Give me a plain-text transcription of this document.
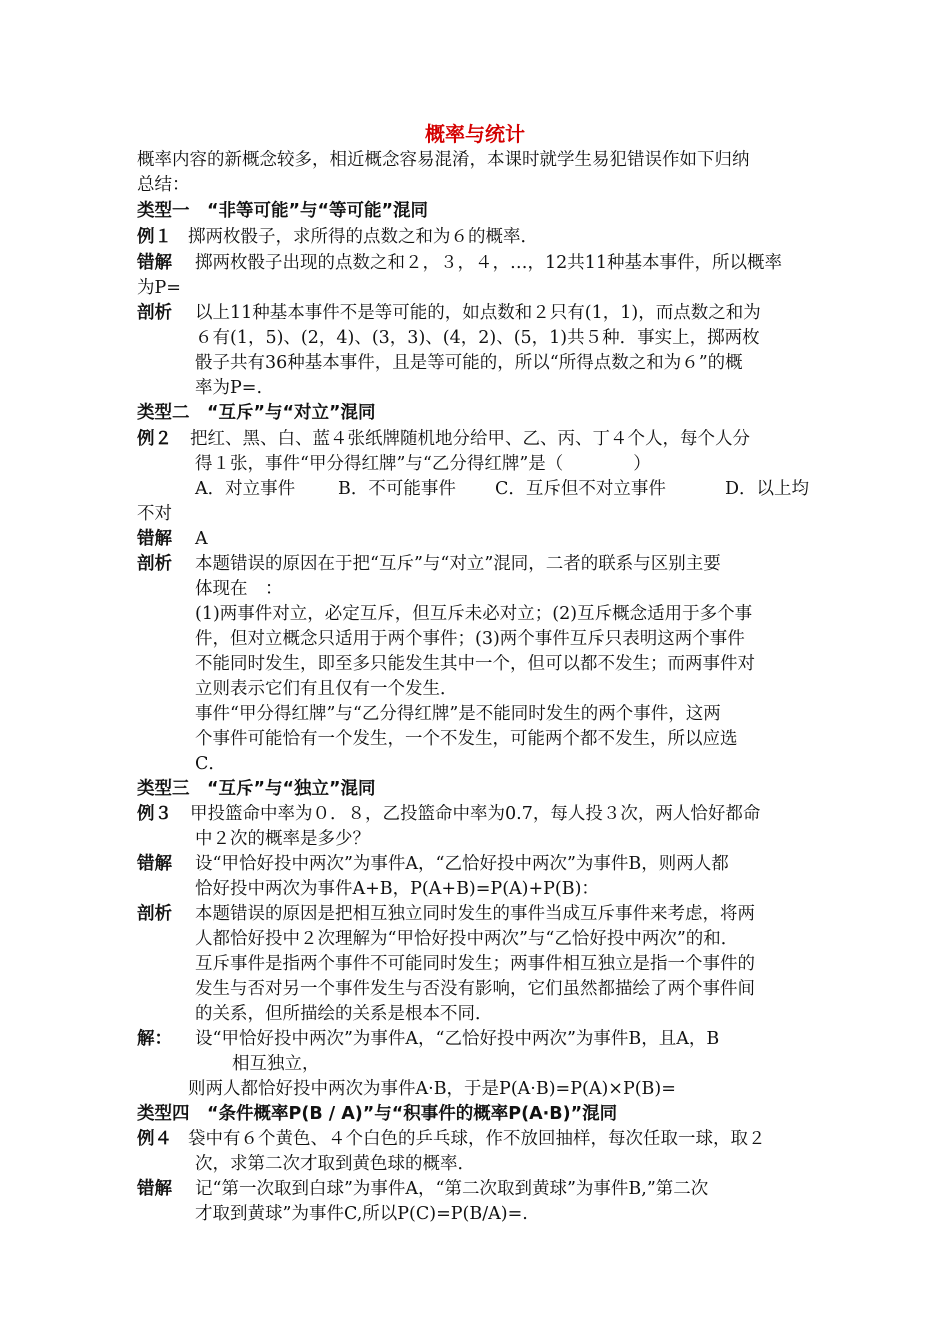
概率与统计
概率内容的新概念较多，相近概念容易混淆，本课时就学生易犯错误作如下归纳
总结：
类型一　“非等可能”与“等可能”混同
例１ 掷两枚骰子，求所得的点数之和为６的概率．
错解 掷两枚骰子出现的点数之和２，３，４，…，12共11种基本事件，所以概率
为P=
剖析 以上11种基本事件不是等可能的，如点数和２只有(1，1)，而点数之和为
６有(1，5)、(2，4)、(3，3)、(4，2)、(5，1)共５种．事实上，掷两枚
骰子共有36种基本事件，且是等可能的，所以“所得点数之和为６”的概
率为P=.
类型二　“互斥”与“对立”混同
例２ 把红、黑、白、蓝４张纸牌随机地分给甲、乙、丙、丁４个人，每个人分
得１张，事件“甲分得红牌”与“乙分得红牌”是（　　　　）
A．对立事件 B．不可能事件 C．互斥但不对立事件	D．以上均
不对
错解 A
剖析 本题错误的原因在于把“互斥”与“对立”混同，二者的联系与区别主要
体现在　：
(1)两事件对立，必定互斥，但互斥未必对立；(2)互斥概念适用于多个事
件，但对立概念只适用于两个事件；(3)两个事件互斥只表明这两个事件
不能同时发生，即至多只能发生其中一个，但可以都不发生；而两事件对
立则表示它们有且仅有一个发生．
事件“甲分得红牌”与“乙分得红牌”是不能同时发生的两个事件，这两
个事件可能恰有一个发生，一个不发生，可能两个都不发生，所以应选
C．
类型三　“互斥”与“独立”混同
例３ 甲投篮命中率为０．８，乙投篮命中率为0.7，每人投３次，两人恰好都命
中２次的概率是多少？
错解 设“甲恰好投中两次”为事件A，“乙恰好投中两次”为事件B，则两人都
恰好投中两次为事件A+B，P(A+B)=P(A)+P(B)：
剖析 本题错误的原因是把相互独立同时发生的事件当成互斥事件来考虑，将两
人都恰好投中２次理解为“甲恰好投中两次”与“乙恰好投中两次”的和．
互斥事件是指两个事件不可能同时发生；两事件相互独立是指一个事件的
发生与否对另一个事件发生与否没有影响，它们虽然都描绘了两个事件间
的关系，但所描绘的关系是根本不同．
解： 设“甲恰好投中两次”为事件A，“乙恰好投中两次”为事件B，且A，B
相互独立，
则两人都恰好投中两次为事件A·B，于是P(A·B)=P(A)×P(B)=
类型四　“条件概率P(B / A)”与“积事件的概率P(A·B)”混同
例４ 袋中有６个黄色、４个白色的乒乓球，作不放回抽样，每次任取一球，取２
次，求第二次才取到黄色球的概率．
错解 记“第一次取到白球”为事件A，“第二次取到黄球”为事件B,”第二次
才取到黄球”为事件C,所以P(C)=P(B/A)=.
